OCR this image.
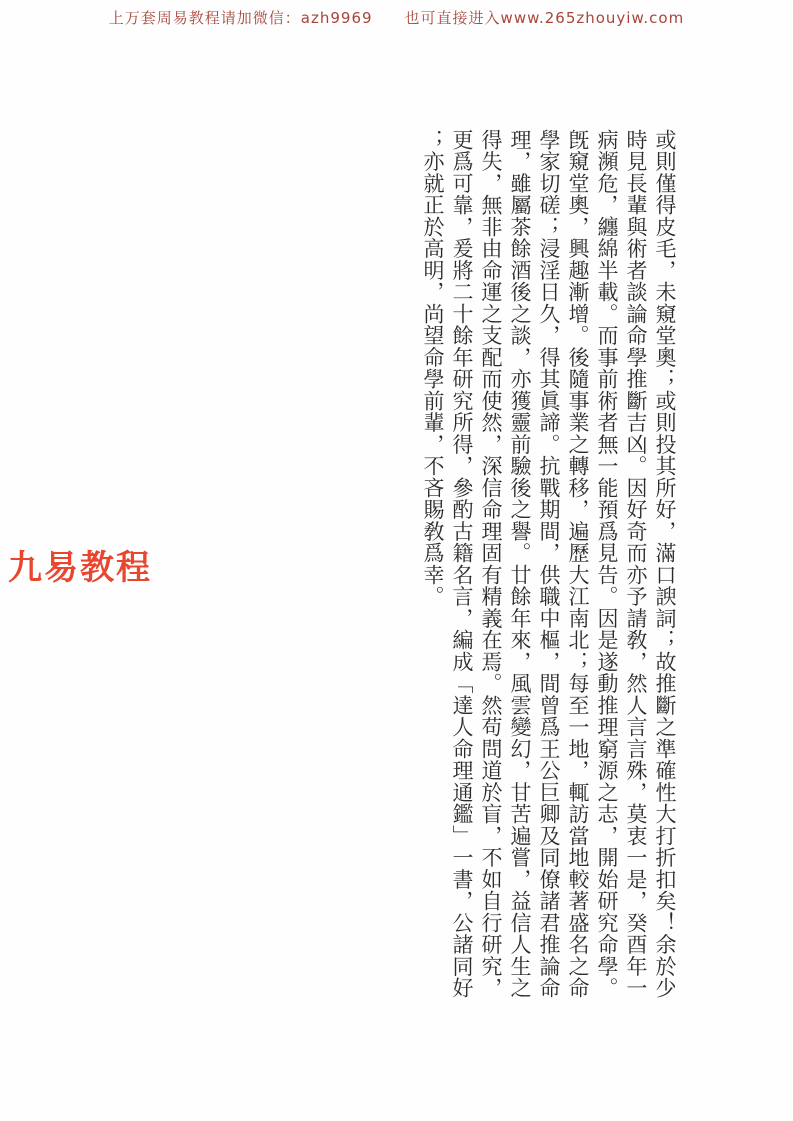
上万套周易教程请加微信：azh9969　　也可直接进入www.265zhouyiw.com
九易教程	或則僅得皮毛，未窺堂奧；或則投其所好，滿口諛詞；故推斷之準確性大打折扣矣！余於少
時見長輩與術者談論命學推斷吉凶。因好奇而亦予請敎，然人言言殊，莫衷一是，癸酉年一
病瀕危，纏綿半載。而事前術者無一能預爲見告。因是遂動推理窮源之志，開始研究命學。
旣窺堂奧，興趣漸增。後隨事業之轉移，遍歷大江南北；每至一地，輒訪當地較著盛名之命
學家切磋；浸淫日久，得其眞諦。抗戰期間，供職中樞，間曾爲王公巨卿及同僚諸君推論命
理，雖屬茶餘酒後之談，亦獲靈前驗後之譽。廿餘年來，風雲變幻，甘苦遍嘗，益信人生之
得失，無非由命運之支配而使然，深信命理固有精義在焉。然苟問道於盲，不如自行研究，
更爲可靠，爰將二十餘年研究所得，參酌古籍名言，編成「達人命理通鑑」一書，公諸同好
；亦就正於高明，尚望命學前輩，不吝賜敎爲幸。
